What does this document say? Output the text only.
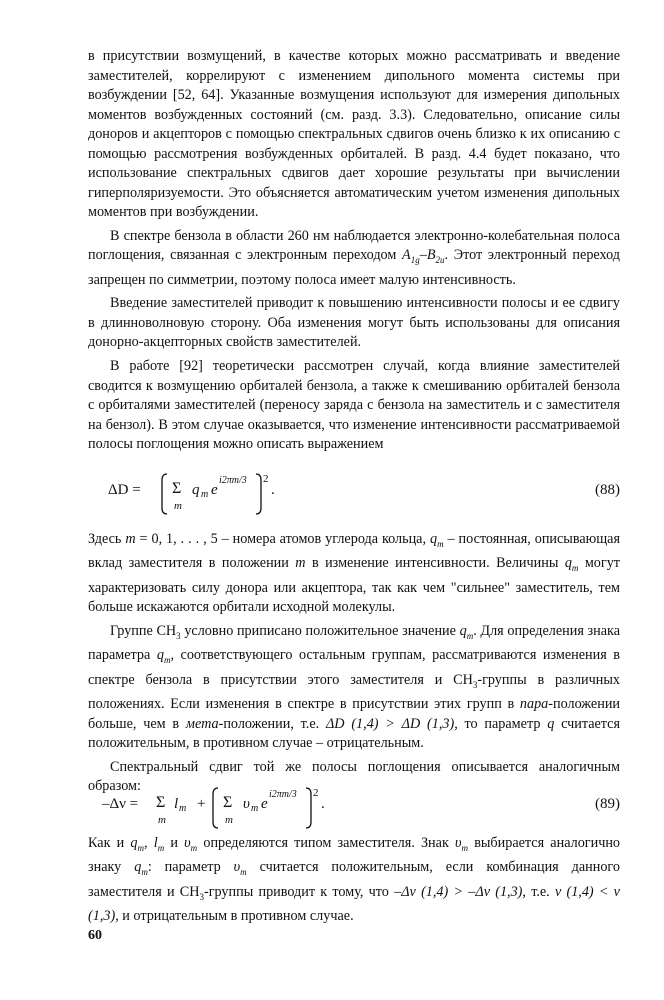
в присутствии возмущений, в качестве которых можно рассматривать и введение заместителей, коррелируют с изменением дипольного момента системы при возбуждении [52, 64]. Указанные возмущения используют для измерения дипольных моментов возбужденных состояний (см. разд. 3.3). Следовательно, описание силы доноров и акцепторов с помощью спектральных сдвигов очень близко к их описанию с помощью рассмотрения возбужденных орбиталей. В разд. 4.4 будет показано, что использование спектральных сдвигов дает хорошие результаты при вычислении гиперполяризуемости. Это объясняется автоматическим учетом изменения дипольных моментов при возбуждении.

В спектре бензола в области 260 нм наблюдается электронно-колебательная полоса поглощения, связанная с электронным переходом $A_{1g}-B_{2u}$. Этот электронный переход запрещен по симметрии, поэтому полоса имеет малую интенсивность.

Введение заместителей приводит к повышению интенсивности полосы и ее сдвигу в длинноволновую сторону. Оба изменения могут быть использованы для описания донорно-акцепторных свойств заместителей.

В работе [92] теоретически рассмотрен случай, когда влияние заместителей сводится к возмущению орбиталей бензола, а также к смешиванию орбиталей бензола с орбиталями заместителей (переносу заряда с бензола на заместитель и с заместителя на бензол). В этом случае оказывается, что изменение интенсивности рассматриваемой полосы поглощения можно описать выражением

ΔD = Σ
m
q m e
i2πm/3 2
.	(88)

Здесь m = 0, 1, . . . , 5 – номера атомов углерода кольца, $q_m$ – постоянная, описывающая вклад заместителя в положении m в изменение интенсивности. Величины $q_m$ могут характеризовать силу донора или акцептора, так как чем "сильнее" заместитель, тем больше искажаются орбитали исходной молекулы.

Группе $CH_3$ условно приписано положительное значение $q_m$. Для определения знака параметра $q_m$, соответствующего остальным группам, рассматриваются изменения в спектре бензола в присутствии этого заместителя и $CH_3$-группы в различных положениях. Если изменения в спектре в присутствии этих групп в пара-положении больше, чем в мета-положении, т.е. ΔD (1,4) > ΔD (1,3), то параметр q считается положительным, в противном случае – отрицательным.

Спектральный сдвиг той же полосы поглощения описывается аналогичным образом:

–Δν = Σ
m
l m + Σ
m
υ m e
i2πm/3 2
.	(89)

Как и $q_m$, $l_m$ и $\upsilon_m$ определяются типом заместителя. Знак $\upsilon_m$ выбирается аналогично знаку $q_m$: параметр $\upsilon_m$ считается положительным, если комбинация данного заместителя и $CH_3$-группы приводит к тому, что –Δν (1,4) > –Δν (1,3), т.е. ν (1,4) < ν (1,3), и отрицательным в противном случае.

60
